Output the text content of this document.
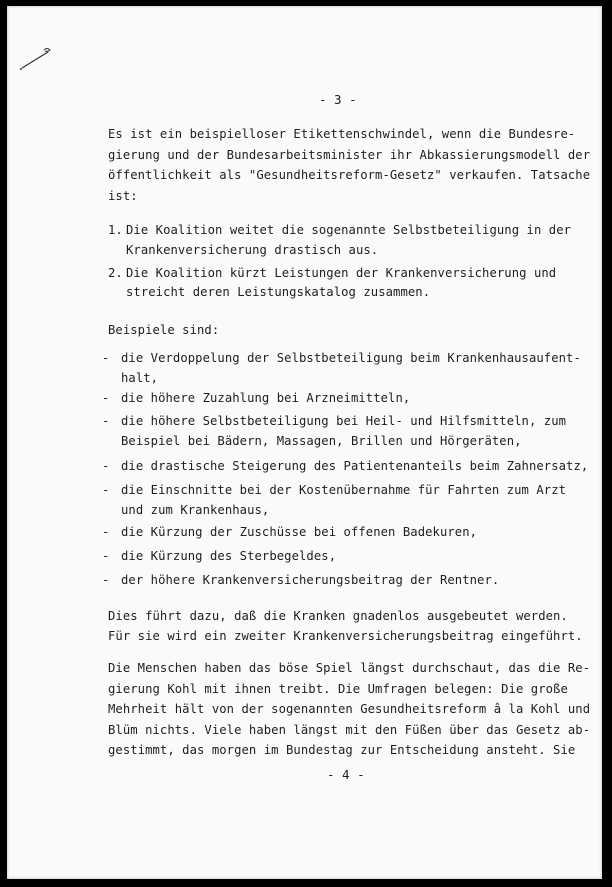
- 3 -
Es ist ein beispielloser Etikettenschwindel, wenn die Bundesre-
gierung und der Bundesarbeitsminister ihr Abkassierungsmodell der
öffentlichkeit als "Gesundheitsreform-Gesetz" verkaufen. Tatsache
ist:
1. Die Koalition weitet die sogenannte Selbstbeteiligung in der
Krankenversicherung drastisch aus.
2. Die Koalition kürzt Leistungen der Krankenversicherung und
streicht deren Leistungskatalog zusammen.
Beispiele sind:
- die Verdoppelung der Selbstbeteiligung beim Krankenhausaufent-
halt,
- die höhere Zuzahlung bei Arzneimitteln,
- die höhere Selbstbeteiligung bei Heil- und Hilfsmitteln, zum
Beispiel bei Bädern, Massagen, Brillen und Hörgeräten,
- die drastische Steigerung des Patientenanteils beim Zahnersatz,
- die Einschnitte bei der Kostenübernahme für Fahrten zum Arzt
und zum Krankenhaus,
- die Kürzung der Zuschüsse bei offenen Badekuren,
- die Kürzung des Sterbegeldes,
- der höhere Krankenversicherungsbeitrag der Rentner.
Dies führt dazu, daß die Kranken gnadenlos ausgebeutet werden.
Für sie wird ein zweiter Krankenversicherungsbeitrag eingeführt.
Die Menschen haben das böse Spiel längst durchschaut, das die Re-
gierung Kohl mit ihnen treibt. Die Umfragen belegen: Die große
Mehrheit hält von der sogenannten Gesundheitsreform â la Kohl und
Blüm nichts. Viele haben längst mit den Füßen über das Gesetz ab-
gestimmt, das morgen im Bundestag zur Entscheidung ansteht. Sie
- 4 -
